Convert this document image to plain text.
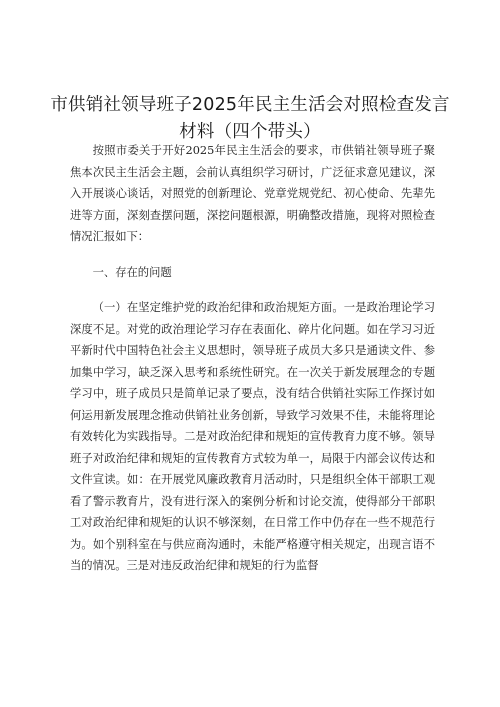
市供销社领导班子2025年民主生活会对照检查发言
材料（四个带头）

按照市委关于开好2025年民主生活会的要求，市供销社领导班子聚焦本次民主生活会主题，会前认真组织学习研讨，广泛征求意见建议，深入开展谈心谈话，对照党的创新理论、党章党规党纪、初心使命、先辈先进等方面，深刻查摆问题，深挖问题根源，明确整改措施，现将对照检查情况汇报如下：

一、存在的问题

（一）在坚定维护党的政治纪律和政治规矩方面。一是政治理论学习深度不足。对党的政治理论学习存在表面化、碎片化问题。如在学习习近平新时代中国特色社会主义思想时，领导班子成员大多只是通读文件、参加集中学习，缺乏深入思考和系统性研究。在一次关于新发展理念的专题学习中，班子成员只是简单记录了要点，没有结合供销社实际工作探讨如何运用新发展理念推动供销社业务创新，导致学习效果不佳，未能将理论有效转化为实践指导。二是对政治纪律和规矩的宣传教育力度不够。领导班子对政治纪律和规矩的宣传教育方式较为单一，局限于内部会议传达和文件宣读。如：在开展党风廉政教育月活动时，只是组织全体干部职工观看了警示教育片，没有进行深入的案例分析和讨论交流，使得部分干部职工对政治纪律和规矩的认识不够深刻，在日常工作中仍存在一些不规范行为。如个别科室在与供应商沟通时，未能严格遵守相关规定，出现言语不当的情况。三是对违反政治纪律和规矩的行为监督
